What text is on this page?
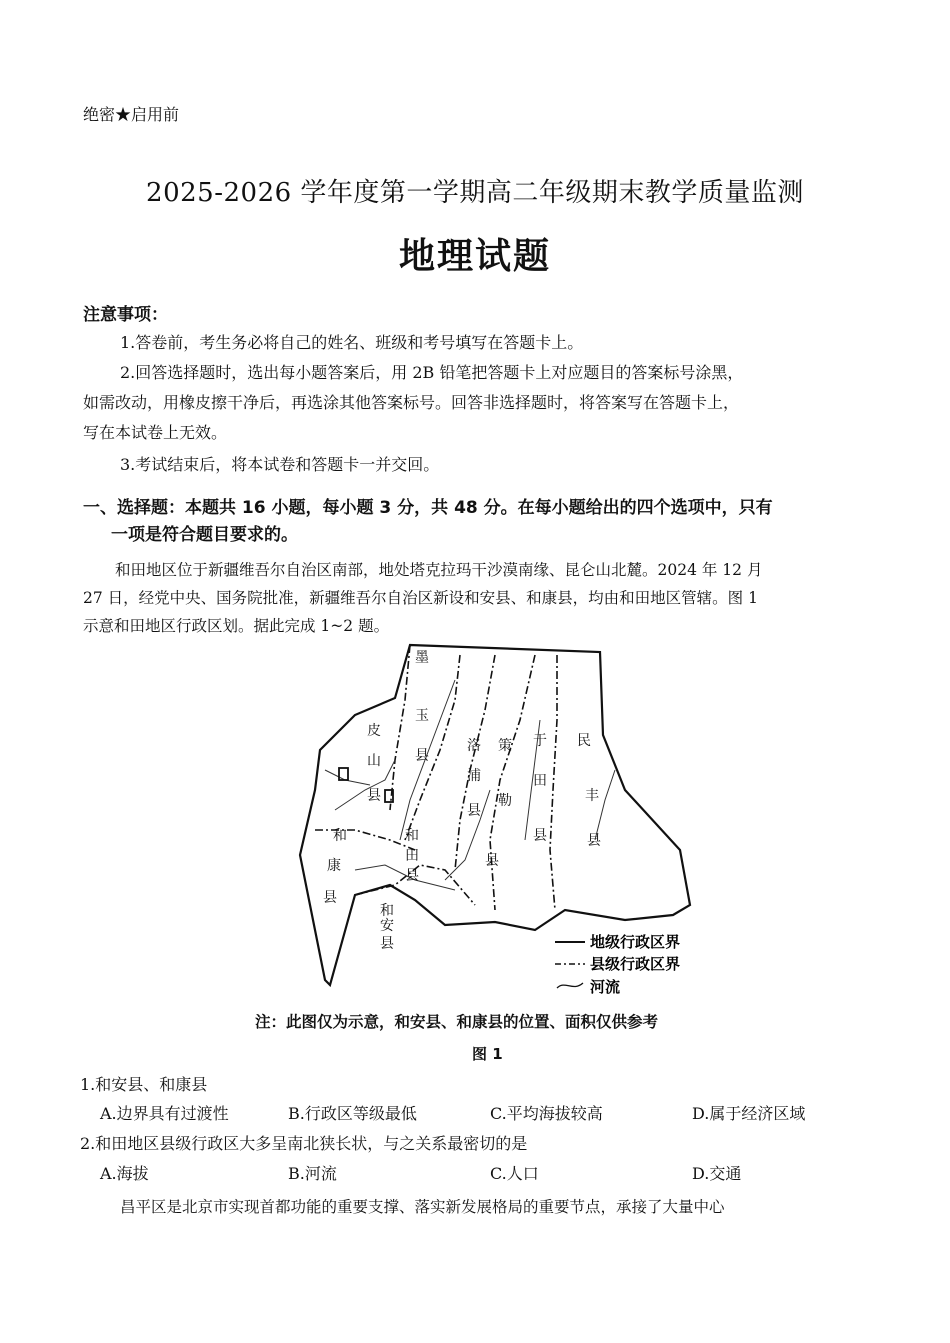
绝密★启用前
2025-2026 学年度第一学期高二年级期末教学质量监测
地理试题
注意事项：
1.答卷前，考生务必将自己的姓名、班级和考号填写在答题卡上。
2.回答选择题时，选出每小题答案后，用 2B 铅笔把答题卡上对应题目的答案标号涂黑，
如需改动，用橡皮擦干净后，再选涂其他答案标号。回答非选择题时，将答案写在答题卡上，
写在本试卷上无效。
3.考试结束后，将本试卷和答题卡一并交回。
一、选择题：本题共 16 小题，每小题 3 分，共 48 分。在每小题给出的四个选项中，只有
一项是符合题目要求的。
和田地区位于新疆维吾尔自治区南部，地处塔克拉玛干沙漠南缘、昆仑山北麓。2024 年 12 月
27 日，经党中央、国务院批准，新疆维吾尔自治区新设和安县、和康县，均由和田地区管辖。图 1
示意和田地区行政区划。据此完成 1~2 题。
墨
玉
县
皮
山
县
洛
浦
县
策
勒
县
于
田
县
民
丰
县
和
康
县
和
田
县
和
安
县	地级行政区界
县级行政区界
河流
注：此图仅为示意，和安县、和康县的位置、面积仅供参考
图 1
1.和安县、和康县
A.边界具有过渡性	B.行政区等级最低	C.平均海拔较高	D.属于经济区域
2.和田地区县级行政区大多呈南北狭长状，与之关系最密切的是
A.海拔	B.河流	C.人口	D.交通
昌平区是北京市实现首都功能的重要支撑、落实新发展格局的重要节点，承接了大量中心
